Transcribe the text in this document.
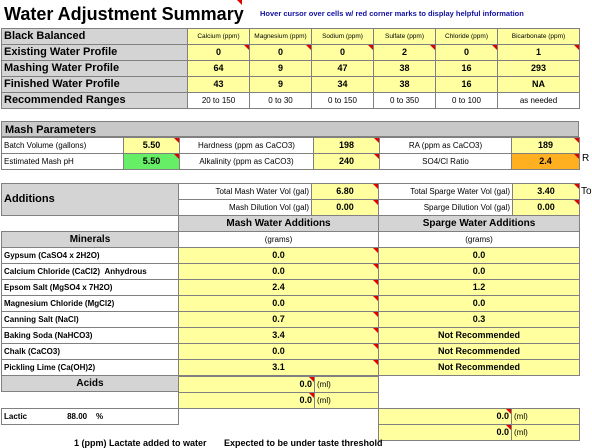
Water Adjustment Summary Hover cursor over cells w/ red corner marks to display helpful information
Black Balanced	Calcium (ppm)	Magnesium (ppm)	Sodium (ppm)	Sulfate (ppm)	Chloride (ppm)	Bicarbonate (ppm)
Existing Water Profile	0	0	0	2	0	1
Mashing Water Profile	64	9	47	38	16	293
Finished Water Profile	43	9	34	38	16	NA
Recommended Ranges	20 to 150	0 to 30	0 to 150	0 to 350	0 to 100	as needed
Mash Parameters
Batch Volume (gallons)	5.50	Hardness (ppm as CaCO3)	198	RA (ppm as CaCO3)	189
Estimated Mash pH	5.50	Alkalinity (ppm as CaCO3)	240	SO4/Cl Ratio	2.4	R
Additions	Total Mash Water Vol (gal)	6.80	Total Sparge Water Vol (gal)	3.40
	Mash Dilution Vol (gal)	0.00	Sparge Dilution Vol (gal)	0.00
To
	Mash Water Additions	Sparge Water Additions
Minerals	(grams)	(grams)
Gypsum (CaSO4 x 2H2O)	0.0	0.0
Calcium Chloride (CaCl2) Anhydrous	0.0	0.0
Epsom Salt (MgSO4 x 7H2O)	2.4	1.2
Magnesium Chloride (MgCl2)	0.0	0.0
Canning Salt (NaCl)	0.7	0.3
Baking Soda (NaHCO3)	3.4	Not Recommended
Chalk (CaCO3)	0.0	Not Recommended
Pickling Lime (Ca(OH)2)	3.1	Not Recommended
Acids		
		0.0	(ml)		
	0.0	(ml)		
Lactic 88.00 %			0.0	(ml)
			0.0	(ml)
1 (ppm) Lactate added to water       Expected to be under taste threshold
